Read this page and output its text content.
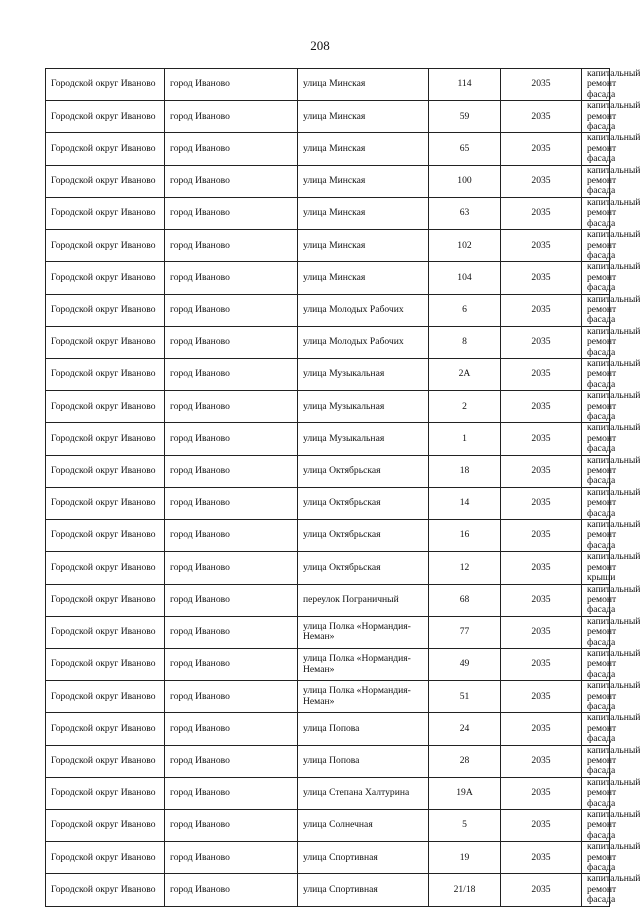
208
Городской округ Иваново	город Иваново	улица Минская	114	2035	капитальный ремонт фасада
Городской округ Иваново	город Иваново	улица Минская	59	2035	капитальный ремонт фасада
Городской округ Иваново	город Иваново	улица Минская	65	2035	капитальный ремонт фасада
Городской округ Иваново	город Иваново	улица Минская	100	2035	капитальный ремонт фасада
Городской округ Иваново	город Иваново	улица Минская	63	2035	капитальный ремонт фасада
Городской округ Иваново	город Иваново	улица Минская	102	2035	капитальный ремонт фасада
Городской округ Иваново	город Иваново	улица Минская	104	2035	капитальный ремонт фасада
Городской округ Иваново	город Иваново	улица Молодых Рабочих	6	2035	капитальный ремонт фасада
Городской округ Иваново	город Иваново	улица Молодых Рабочих	8	2035	капитальный ремонт фасада
Городской округ Иваново	город Иваново	улица Музыкальная	2А	2035	капитальный ремонт фасада
Городской округ Иваново	город Иваново	улица Музыкальная	2	2035	капитальный ремонт фасада
Городской округ Иваново	город Иваново	улица Музыкальная	1	2035	капитальный ремонт фасада
Городской округ Иваново	город Иваново	улица Октябрьская	18	2035	капитальный ремонт фасада
Городской округ Иваново	город Иваново	улица Октябрьская	14	2035	капитальный ремонт фасада
Городской округ Иваново	город Иваново	улица Октябрьская	16	2035	капитальный ремонт фасада
Городской округ Иваново	город Иваново	улица Октябрьская	12	2035	капитальный ремонт крыши
Городской округ Иваново	город Иваново	переулок Пограничный	68	2035	капитальный ремонт фасада
Городской округ Иваново	город Иваново	улица Полка «Нормандия-Неман»	77	2035	капитальный ремонт фасада
Городской округ Иваново	город Иваново	улица Полка «Нормандия-Неман»	49	2035	капитальный ремонт фасада
Городской округ Иваново	город Иваново	улица Полка «Нормандия-Неман»	51	2035	капитальный ремонт фасада
Городской округ Иваново	город Иваново	улица Попова	24	2035	капитальный ремонт фасада
Городской округ Иваново	город Иваново	улица Попова	28	2035	капитальный ремонт фасада
Городской округ Иваново	город Иваново	улица Степана Халтурина	19А	2035	капитальный ремонт фасада
Городской округ Иваново	город Иваново	улица Солнечная	5	2035	капитальный ремонт фасада
Городской округ Иваново	город Иваново	улица Спортивная	19	2035	капитальный ремонт фасада
Городской округ Иваново	город Иваново	улица Спортивная	21/18	2035	капитальный ремонт фасада
